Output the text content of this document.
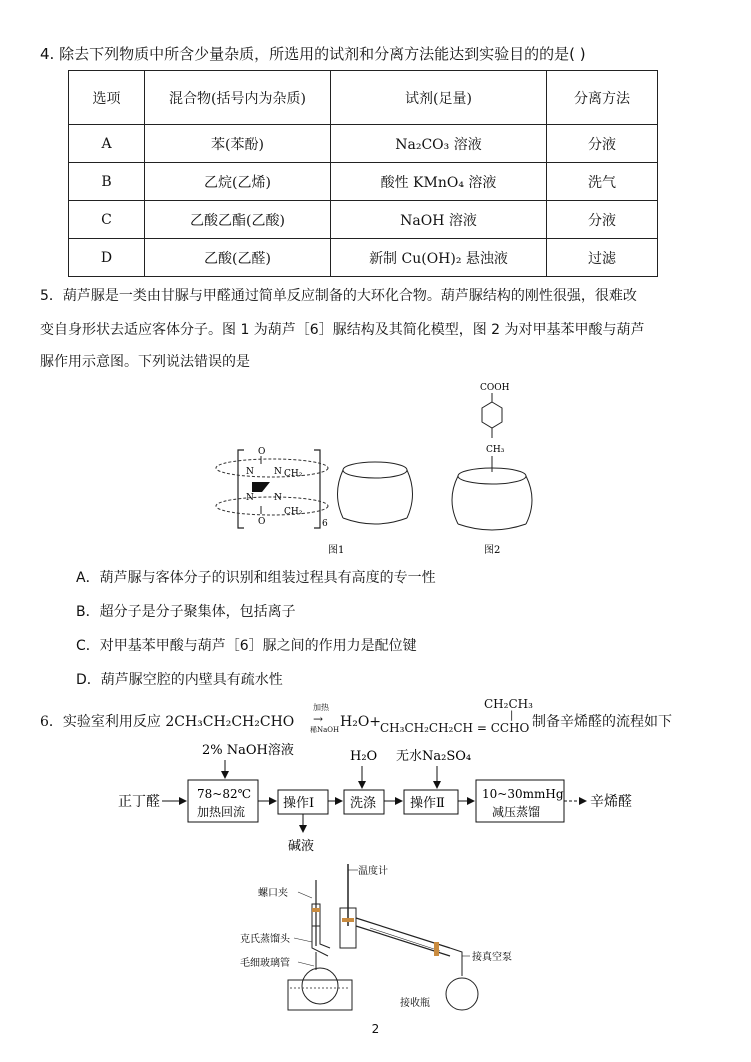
4. 除去下列物质中所含少量杂质，所选用的试剂和分离方法能达到实验目的的是( )
选项	混合物(括号内为杂质)	试剂(足量)	分离方法
A	苯(苯酚)	Na₂CO₃ 溶液	分液
B	乙烷(乙烯)	酸性 KMnO₄ 溶液	洗气
C	乙酸乙酯(乙酸)	NaOH 溶液	分液
D	乙酸(乙醛)	新制 Cu(OH)₂ 悬浊液	过滤
5．葫芦脲是一类由甘脲与甲醛通过简单反应制备的大环化合物。葫芦脲结构的刚性很强，很难改
变自身形状去适应客体分子。图 1 为葫芦［6］脲结构及其简化模型，图 2 为对甲基苯甲酸与葫芦
脲作用示意图。下列说法错误的是
O
N N CH₂
N N
CH₂
O	6
图1
COOH
CH₃
图2
A．葫芦脲与客体分子的识别和组装过程具有高度的专一性
B．超分子是分子聚集体，包括离子
C．对甲基苯甲酸与葫芦［6］脲之间的作用力是配位键
D．葫芦脲空腔的内壁具有疏水性
6．实验室利用反应 2CH₃CH₂CH₂CHO
加热
→
稀NaOH H₂O+
CH₂CH₃
|
CH₃CH₂CH₂CH = CCHO 制备辛烯醛的流程如下
2% NaOH溶液	H₂O 无水Na₂SO₄
正丁醛	78~82℃
加热回流
操作Ⅰ
碱液
洗涤	操作Ⅱ
10~30mmHg
减压蒸馏
辛烯醛
温度计
螺口夹
接真空泵
接收瓶
克氏蒸馏头
毛细玻璃管
2
